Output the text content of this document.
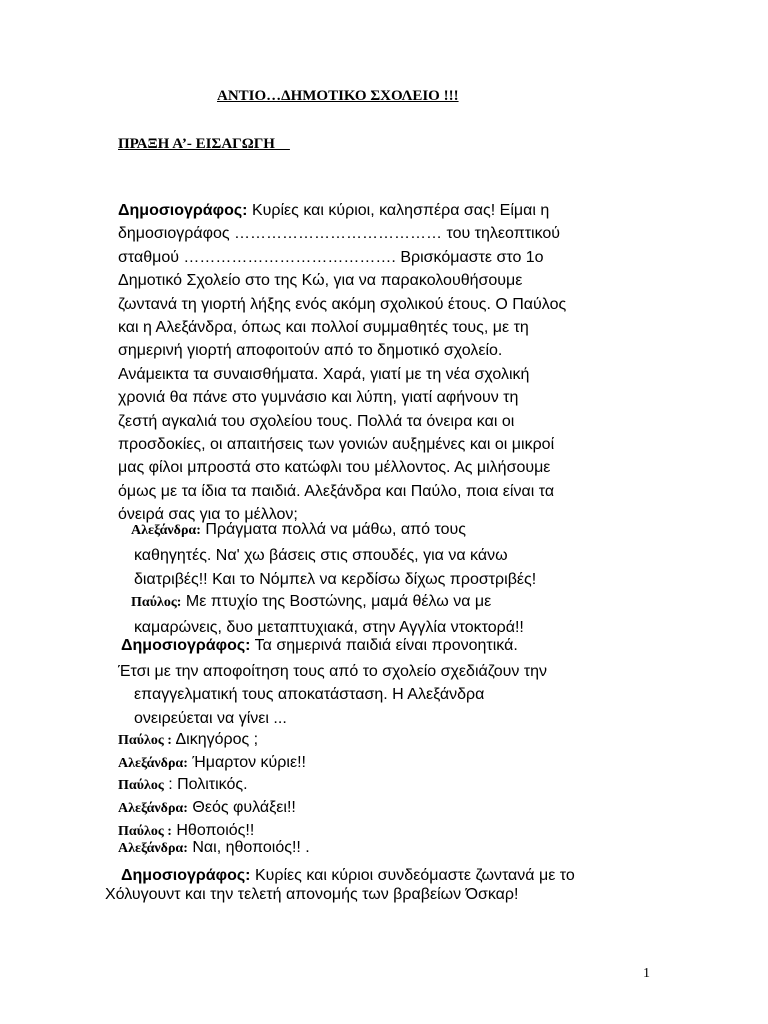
ΑΝΤΙΟ…ΔΗΜΟΤΙΚΟ ΣΧΟΛΕΙΟ !!!
ΠΡΑΞΗ Α’- ΕΙΣΑΓΩΓΗ
Δημοσιογράφος: Κυρίες και κύριοι, καλησπέρα σας! Είμαι η
δημοσιογράφος ………………………………… του τηλεοπτικού
σταθμού …………………………………. Βρισκόμαστε στο 1ο
Δημοτικό Σχολείο στο της Κώ, για να παρακολουθήσουμε
ζωντανά τη γιορτή λήξης ενός ακόμη σχολικού έτους. Ο Παύλος
και η Αλεξάνδρα, όπως και πολλοί συμμαθητές τους, με τη
σημερινή γιορτή αποφοιτούν από το δημοτικό σχολείο.
Ανάμεικτα τα συναισθήματα. Χαρά, γιατί με τη νέα σχολική
χρονιά θα πάνε στο γυμνάσιο και λύπη, γιατί αφήνουν τη
ζεστή αγκαλιά του σχολείου τους. Πολλά τα όνειρα και οι
προσδοκίες, οι απαιτήσεις των γονιών αυξημένες και οι μικροί
μας φίλοι μπροστά στο κατώφλι του μέλλοντος. Ας μιλήσουμε
όμως με τα ίδια τα παιδιά. Αλεξάνδρα και Παύλο, ποια είναι τα
όνειρά σας για το μέλλον;
Αλεξάνδρα: Πράγματα πολλά να μάθω, από τους
καθηγητές. Να' χω βάσεις στις σπουδές, για να κάνω
διατριβές!! Και το Νόμπελ να κερδίσω δίχως προστριβές!
Παύλος: Με πτυχίο της Βοστώνης, μαμά θέλω να με
καμαρώνεις, δυο μεταπτυχιακά, στην Αγγλία ντοκτορά!!
Δημοσιογράφος: Τα σημερινά παιδιά είναι προνοητικά.
Έτσι με την αποφοίτηση τους από το σχολείο σχεδιάζουν την
επαγγελματική τους αποκατάσταση. Η Αλεξάνδρα
ονειρεύεται να γίνει ...
Παύλος : Δικηγόρος ;
Αλεξάνδρα: Ήμαρτον κύριε!!
Παύλος : Πολιτικός.
Αλεξάνδρα: Θεός φυλάξει!!
Παύλος : Ηθοποιός!!
Αλεξάνδρα: Ναι, ηθοποιός!! .
Δημοσιογράφος: Κυρίες και κύριοι συνδεόμαστε ζωντανά με το
Χόλυγουντ και την τελετή απονομής των βραβείων Όσκαρ!
1
